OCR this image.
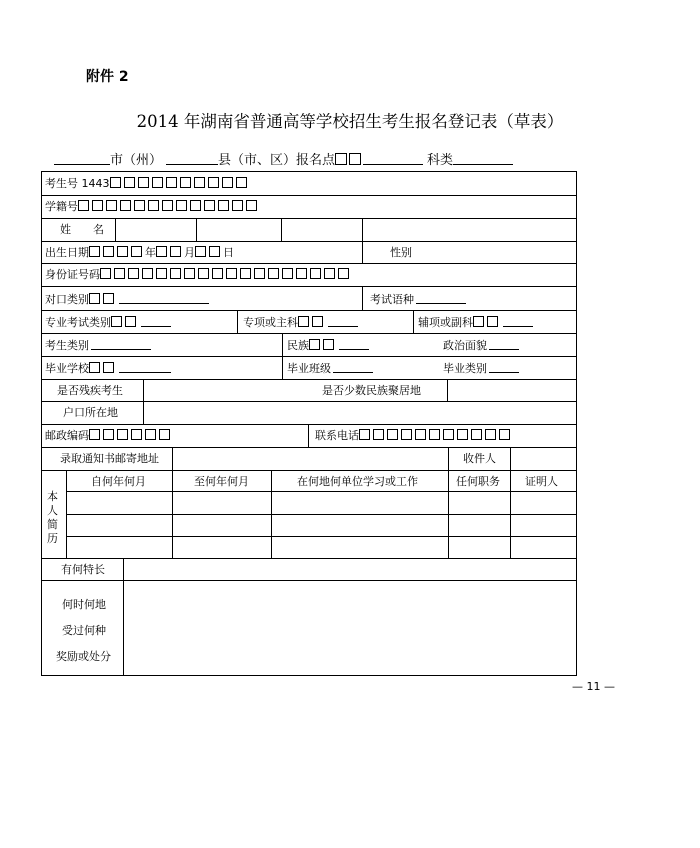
附件 2
2014 年湖南省普通高等学校招生考生报名登记表（草表）
市（州）	县（市、区）报名点	科类
考生号 1443
学籍号
姓　　名
出生日期	年	月	日	性别
身份证号码
对口类别	考试语种
专业考试类别	专项或主科	辅项或副科
考生类别	民族	政治面貌
毕业学校	毕业班级	毕业类别
是否残疾考生	是否少数民族聚居地
户口所在地
邮政编码	联系电话
录取通知书邮寄地址	收件人
本
人
简
历
自何年何月	至何年何月	在何地何单位学习或工作	任何职务 证明人
有何特长
何时何地
受过何种
奖励或处分
— 11 —
